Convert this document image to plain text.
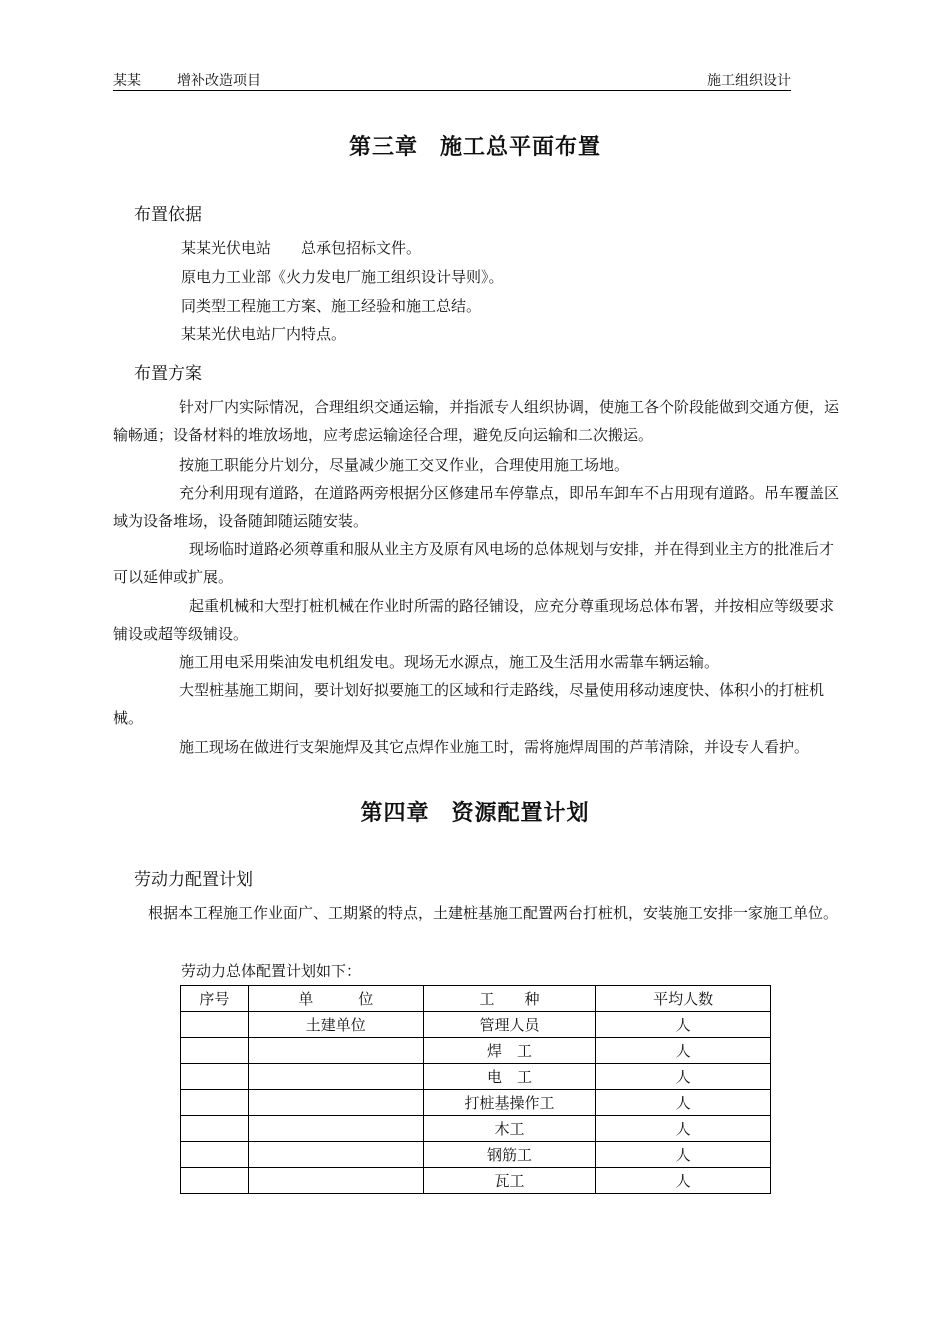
某某	增补改造项目	施工组织设计
第三章 施工总平面布置
布置依据
某某光伏电站 总承包招标文件。
原电力工业部《火力发电厂施工组织设计导则》。
同类型工程施工方案、施工经验和施工总结。
某某光伏电站厂内特点。
布置方案

针对厂内实际情况，合理组织交通运输，并指派专人组织协调，使施工各个阶段能做到交通方便，运输畅通；设备材料的堆放场地，应考虑运输途径合理，避免反向运输和二次搬运。

按施工职能分片划分，尽量减少施工交叉作业，合理使用施工场地。

充分利用现有道路，在道路两旁根据分区修建吊车停靠点，即吊车卸车不占用现有道路。吊车覆盖区域为设备堆场，设备随卸随运随安装。

现场临时道路必须尊重和服从业主方及原有风电场的总体规划与安排，并在得到业主方的批准后才可以延伸或扩展。

起重机械和大型打桩机械在作业时所需的路径铺设，应充分尊重现场总体布署，并按相应等级要求铺设或超等级铺设。

施工用电采用柴油发电机组发电。现场无水源点，施工及生活用水需靠车辆运输。

大型桩基施工期间，要计划好拟要施工的区域和行走路线，尽量使用移动速度快、体积小的打桩机械。

施工现场在做进行支架施焊及其它点焊作业施工时，需将施焊周围的芦苇清除，并设专人看护。

第四章 资源配置计划
劳动力配置计划

根据本工程施工作业面广、工期紧的特点，土建桩基施工配置两台打桩机，安装施工安排一家施工单位。

劳动力总体配置计划如下：
序号	单　　　位	工　　种	平均人数
	土建单位	管理人员	人
		焊　工	人
		电　工	人
		打桩基操作工	人
		木工	人
		钢筋工	人
		瓦工	人
